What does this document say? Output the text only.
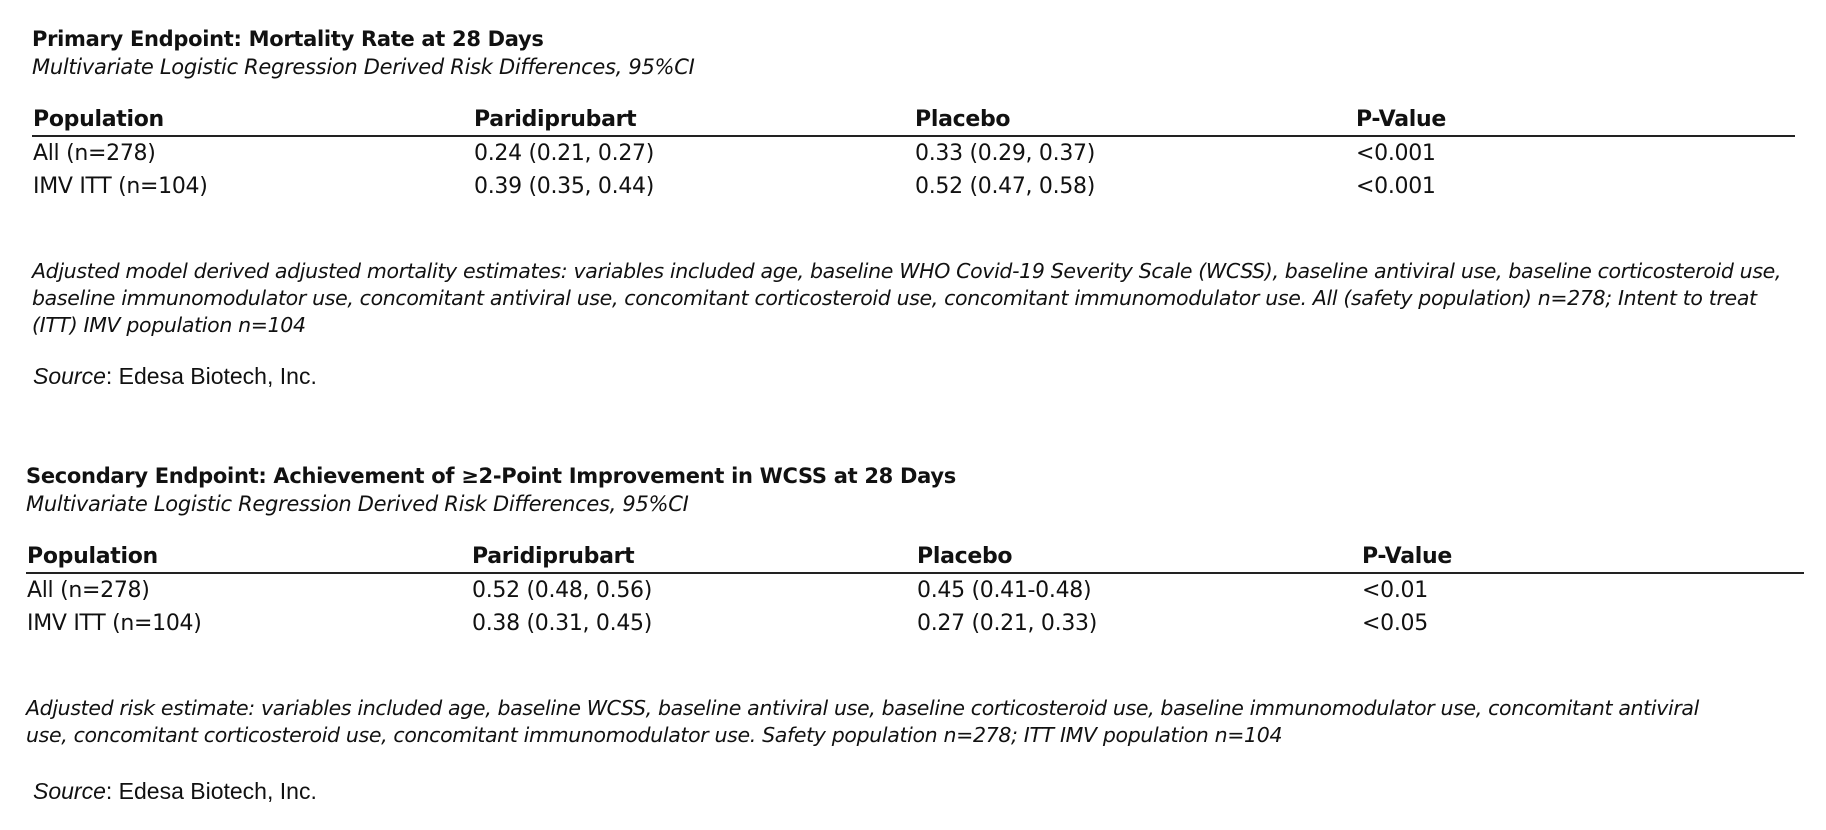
Primary Endpoint: Mortality Rate at 28 Days
Multivariate Logistic Regression Derived Risk Differences, 95%CI
Population	Paridiprubart	Placebo	P-Value
All (n=278)	0.24 (0.21, 0.27)	0.33 (0.29, 0.37)	<0.001
IMV ITT (n=104)	0.39 (0.35, 0.44)	0.52 (0.47, 0.58)	<0.001
Adjusted model derived adjusted mortality estimates: variables included age, baseline WHO Covid-19 Severity Scale (WCSS), baseline antiviral use, baseline corticosteroid use, baseline immunomodulator use, concomitant antiviral use, concomitant corticosteroid use, concomitant immunomodulator use. All (safety population) n=278; Intent to treat (ITT) IMV population n=104
Source: Edesa Biotech, Inc.
Secondary Endpoint: Achievement of ≥2-Point Improvement in WCSS at 28 Days
Multivariate Logistic Regression Derived Risk Differences, 95%CI
Population	Paridiprubart	Placebo	P-Value
All (n=278)	0.52 (0.48, 0.56)	0.45 (0.41-0.48)	<0.01
IMV ITT (n=104)	0.38 (0.31, 0.45)	0.27 (0.21, 0.33)	<0.05
Adjusted risk estimate: variables included age, baseline WCSS, baseline antiviral use, baseline corticosteroid use, baseline immunomodulator use, concomitant antiviral use, concomitant corticosteroid use, concomitant immunomodulator use. Safety population n=278; ITT IMV population n=104
Source: Edesa Biotech, Inc.
